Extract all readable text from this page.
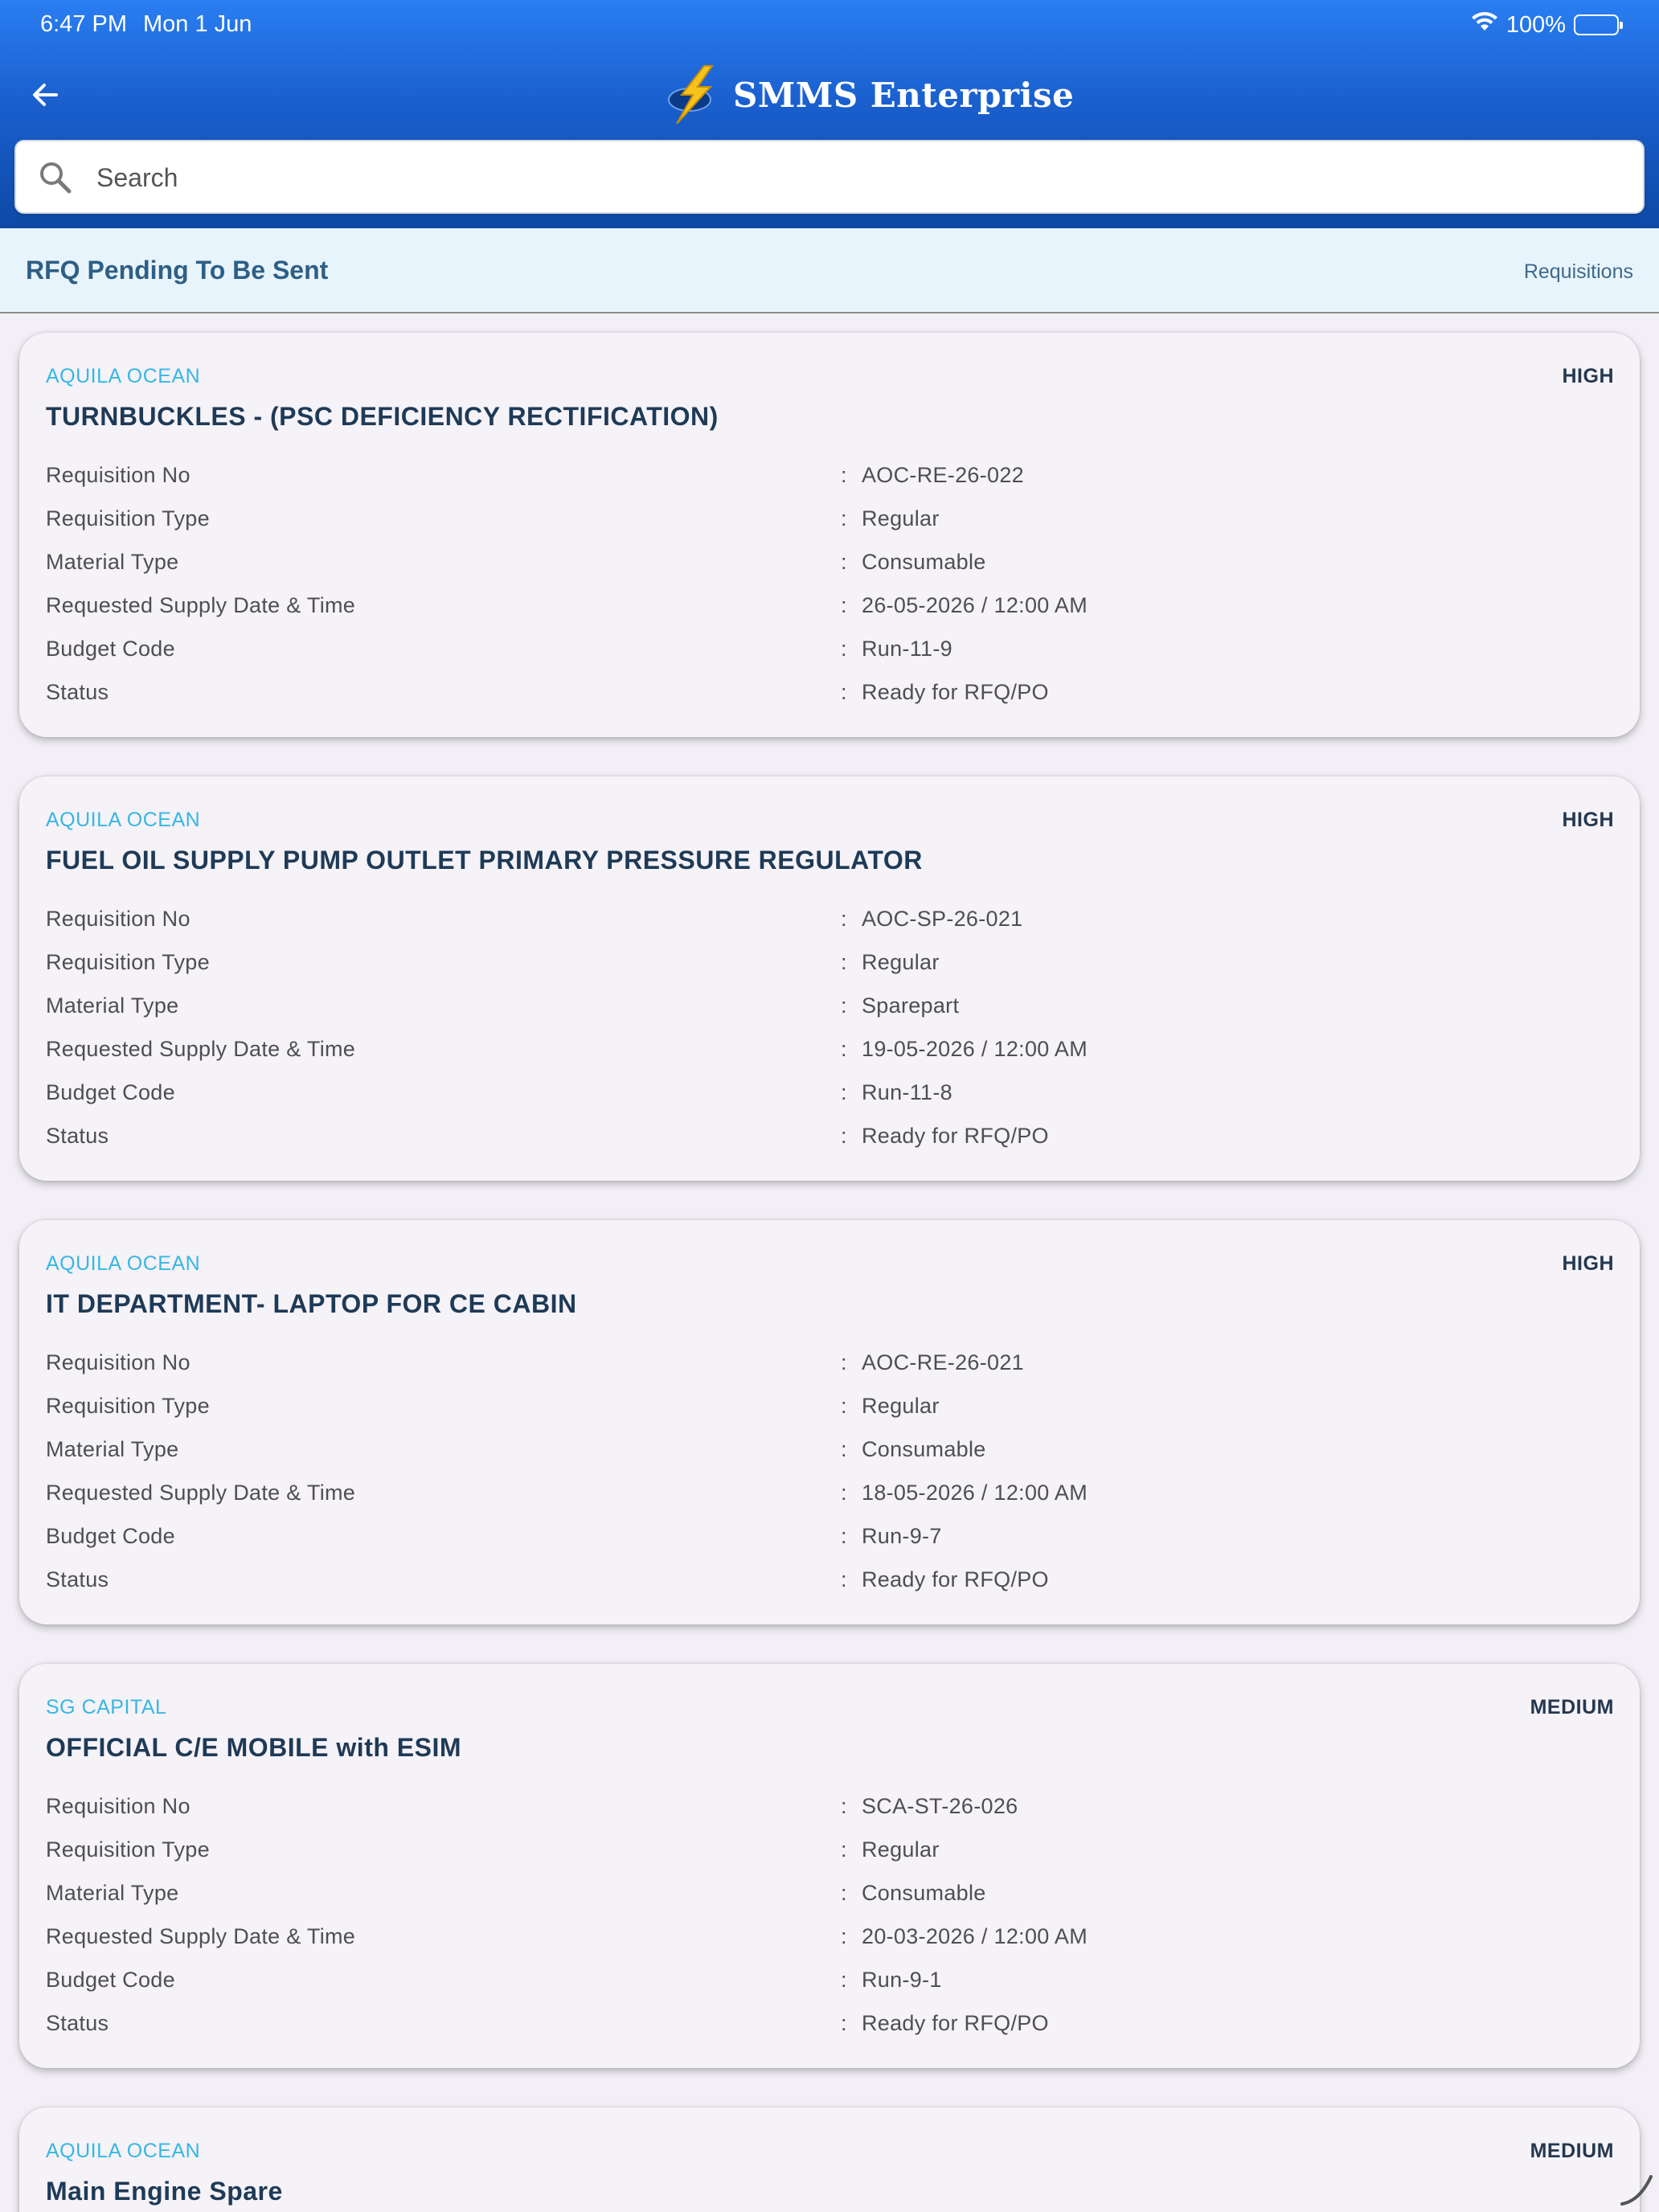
6:47 PM Mon 1 Jun	100%
SMMS Enterprise
Search
RFQ Pending To Be Sent	Requisitions
AQUILA OCEAN	HIGH
TURNBUCKLES - (PSC DEFICIENCY RECTIFICATION)
Requisition No	: AOC-RE-26-022
Requisition Type	: Regular
Material Type	: Consumable
Requested Supply Date & Time	: 26-05-2026 / 12:00 AM
Budget Code	: Run-11-9
Status	: Ready for RFQ/PO
AQUILA OCEAN	HIGH
FUEL OIL SUPPLY PUMP OUTLET PRIMARY PRESSURE REGULATOR
Requisition No	: AOC-SP-26-021
Requisition Type	: Regular
Material Type	: Sparepart
Requested Supply Date & Time	: 19-05-2026 / 12:00 AM
Budget Code	: Run-11-8
Status	: Ready for RFQ/PO
AQUILA OCEAN	HIGH
IT DEPARTMENT- LAPTOP FOR CE CABIN
Requisition No	: AOC-RE-26-021
Requisition Type	: Regular
Material Type	: Consumable
Requested Supply Date & Time	: 18-05-2026 / 12:00 AM
Budget Code	: Run-9-7
Status	: Ready for RFQ/PO
SG CAPITAL	MEDIUM
OFFICIAL C/E MOBILE with ESIM
Requisition No	: SCA-ST-26-026
Requisition Type	: Regular
Material Type	: Consumable
Requested Supply Date & Time	: 20-03-2026 / 12:00 AM
Budget Code	: Run-9-1
Status	: Ready for RFQ/PO
AQUILA OCEAN	MEDIUM
Main Engine Spare
